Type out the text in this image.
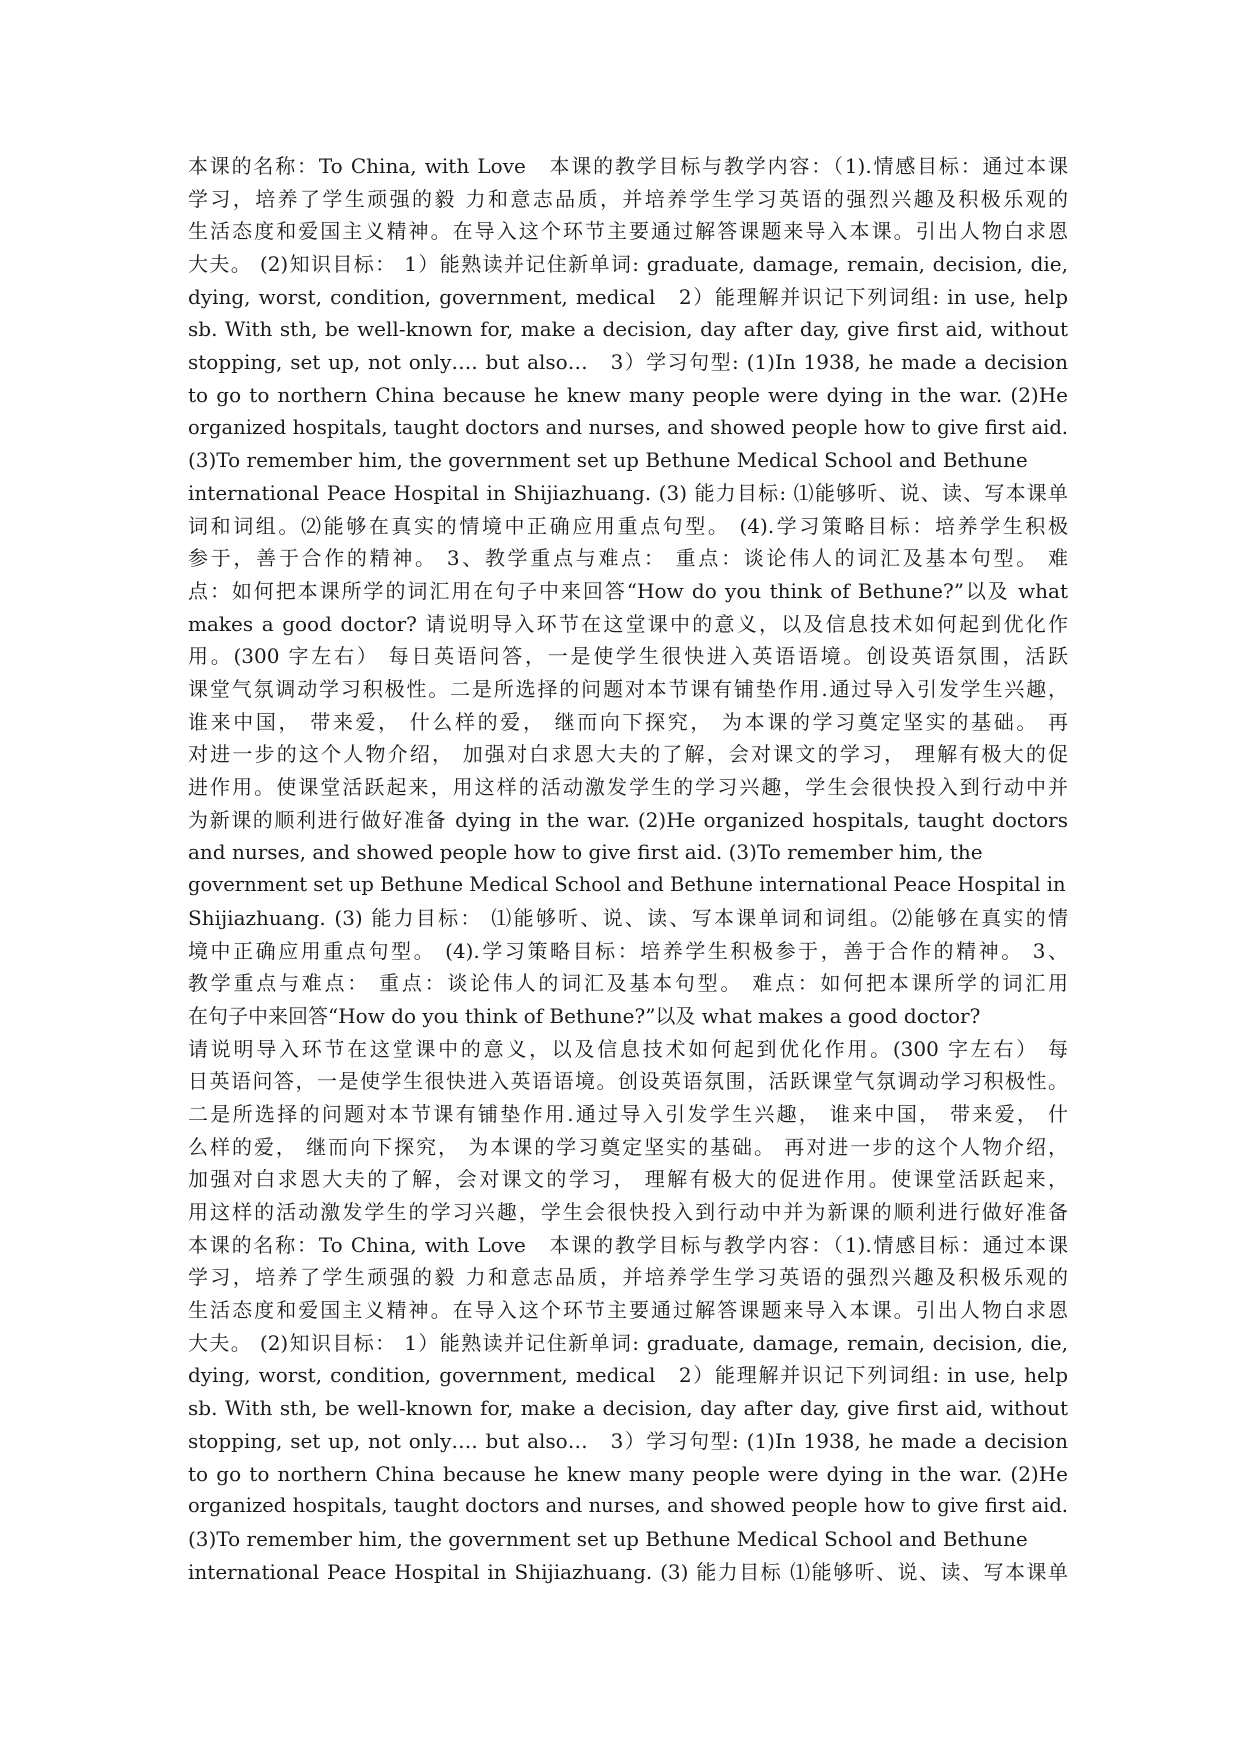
本课的名称：To China, with Love　本课的教学目标与教学内容：（1).情感目标：通过本课
学习，培养了学生顽强的毅 力和意志品质，并培养学生学习英语的强烈兴趣及积极乐观的
生活态度和爱国主义精神。在导入这个环节主要通过解答课题来导入本课。引出人物白求恩
大夫。 (2)知识目标： 1）能熟读并记住新单词: graduate, damage, remain, decision, die,
dying, worst, condition, government, medical　2）能理解并识记下列词组: in use, help
sb. With sth, be well-known for, make a decision, day after day, give first aid, without
stopping, set up, not only…. but also…　3）学习句型: (1)In 1938, he made a decision
to go to northern China because he knew many people were dying in the war. (2)He
organized hospitals, taught doctors and nurses, and showed people how to give first aid.
(3)To remember him, the government set up Bethune Medical School and Bethune
international Peace Hospital in Shijiazhuang. (3) 能力目标: ⑴能够听、说、读、写本课单
词和词组。⑵能够在真实的情境中正确应用重点句型。 (4).学习策略目标：培养学生积极
参于，善于合作的精神。 3、教学重点与难点： 重点：谈论伟人的词汇及基本句型。 难
点：如何把本课所学的词汇用在句子中来回答“How do you think of Bethune?”以及 what
makes a good doctor? 请说明导入环节在这堂课中的意义，以及信息技术如何起到优化作
用。(300 字左右） 每日英语问答，一是使学生很快进入英语语境。创设英语氛围，活跃
课堂气氛调动学习积极性。二是所选择的问题对本节课有铺垫作用.通过导入引发学生兴趣，
谁来中国， 带来爱， 什么样的爱， 继而向下探究， 为本课的学习奠定坚实的基础。 再
对进一步的这个人物介绍， 加强对白求恩大夫的了解，会对课文的学习， 理解有极大的促
进作用。使课堂活跃起来，用这样的活动激发学生的学习兴趣，学生会很快投入到行动中并
为新课的顺利进行做好准备 dying in the war. (2)He organized hospitals, taught doctors
and nurses, and showed people how to give first aid. (3)To remember him, the
government set up Bethune Medical School and Bethune international Peace Hospital in
Shijiazhuang. (3) 能力目标： ⑴能够听、说、读、写本课单词和词组。⑵能够在真实的情
境中正确应用重点句型。 (4).学习策略目标：培养学生积极参于，善于合作的精神。 3、
教学重点与难点： 重点：谈论伟人的词汇及基本句型。 难点：如何把本课所学的词汇用
在句子中来回答“How do you think of Bethune?”以及 what makes a good doctor?
请说明导入环节在这堂课中的意义，以及信息技术如何起到优化作用。(300 字左右） 每
日英语问答，一是使学生很快进入英语语境。创设英语氛围，活跃课堂气氛调动学习积极性。
二是所选择的问题对本节课有铺垫作用.通过导入引发学生兴趣， 谁来中国， 带来爱， 什
么样的爱， 继而向下探究， 为本课的学习奠定坚实的基础。 再对进一步的这个人物介绍，
加强对白求恩大夫的了解，会对课文的学习， 理解有极大的促进作用。使课堂活跃起来，
用这样的活动激发学生的学习兴趣，学生会很快投入到行动中并为新课的顺利进行做好准备
本课的名称：To China, with Love　本课的教学目标与教学内容：（1).情感目标：通过本课
学习，培养了学生顽强的毅 力和意志品质，并培养学生学习英语的强烈兴趣及积极乐观的
生活态度和爱国主义精神。在导入这个环节主要通过解答课题来导入本课。引出人物白求恩
大夫。 (2)知识目标： 1）能熟读并记住新单词: graduate, damage, remain, decision, die,
dying, worst, condition, government, medical　2）能理解并识记下列词组: in use, help
sb. With sth, be well-known for, make a decision, day after day, give first aid, without
stopping, set up, not only…. but also…　3）学习句型: (1)In 1938, he made a decision
to go to northern China because he knew many people were dying in the war. (2)He
organized hospitals, taught doctors and nurses, and showed people how to give first aid.
(3)To remember him, the government set up Bethune Medical School and Bethune
international Peace Hospital in Shijiazhuang. (3) 能力目标 ⑴能够听、说、读、写本课单
